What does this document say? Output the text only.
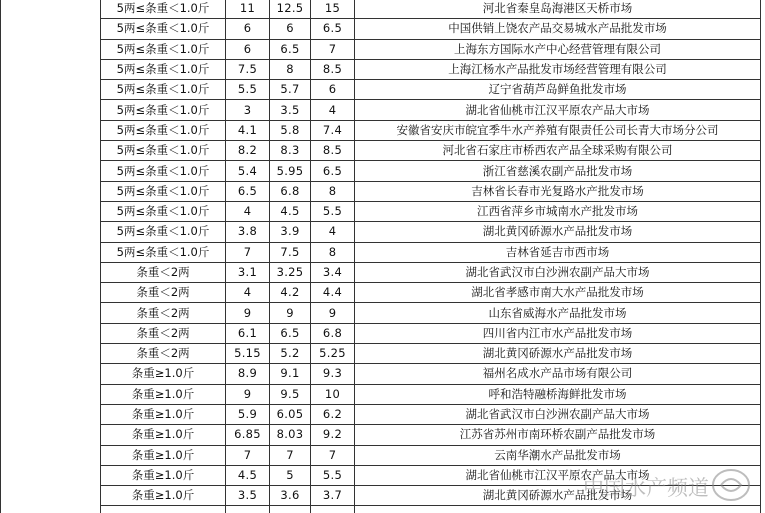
	5两≤条重＜1.0斤	11	12.5	15	河北省秦皇岛海港区天桥市场
	5两≤条重＜1.0斤	6	6	6.5	中国供销上饶农产品交易城水产品批发市场
	5两≤条重＜1.0斤	6	6.5	7	上海东方国际水产中心经营管理有限公司
	5两≤条重＜1.0斤	7.5	8	8.5	上海江杨水产品批发市场经营管理有限公司
	5两≤条重＜1.0斤	5.5	5.7	6	辽宁省葫芦岛鲜鱼批发市场
	5两≤条重＜1.0斤	3	3.5	4	湖北省仙桃市江汉平原农产品大市场
	5两≤条重＜1.0斤	4.1	5.8	7.4	安徽省安庆市皖宜季牛水产养殖有限责任公司长青大市场分公司
	5两≤条重＜1.0斤	8.2	8.3	8.5	河北省石家庄市桥西农产品全球采购有限公司
	5两≤条重＜1.0斤	5.4	5.95	6.5	浙江省慈溪农副产品批发市场
	5两≤条重＜1.0斤	6.5	6.8	8	吉林省长春市光复路水产批发市场
	5两≤条重＜1.0斤	4	4.5	5.5	江西省萍乡市城南水产批发市场
	5两≤条重＜1.0斤	3.8	3.9	4	湖北黄冈硚源水产品批发市场
	5两≤条重＜1.0斤	7	7.5	8	吉林省延吉市西市场
	条重＜2两	3.1	3.25	3.4	湖北省武汉市白沙洲农副产品大市场
	条重＜2两	4	4.2	4.4	湖北省孝感市南大水产品批发市场
	条重＜2两	9	9	9	山东省威海水产品批发市场
	条重＜2两	6.1	6.5	6.8	四川省内江市水产品批发市场
	条重＜2两	5.15	5.2	5.25	湖北黄冈硚源水产品批发市场
	条重≥1.0斤	8.9	9.1	9.3	福州名成水产品市场有限公司
	条重≥1.0斤	9	9.5	10	呼和浩特融桥海鲜批发市场
	条重≥1.0斤	5.9	6.05	6.2	湖北省武汉市白沙洲农副产品大市场
	条重≥1.0斤	6.85	8.03	9.2	江苏省苏州市南环桥农副产品批发市场
	条重≥1.0斤	7	7	7	云南华潮水产品批发市场
	条重≥1.0斤	4.5	5	5.5	湖北省仙桃市江汉平原农产品大市场
	条重≥1.0斤	3.5	3.6	3.7	湖北黄冈硚源水产品批发市场

中国水产频道
